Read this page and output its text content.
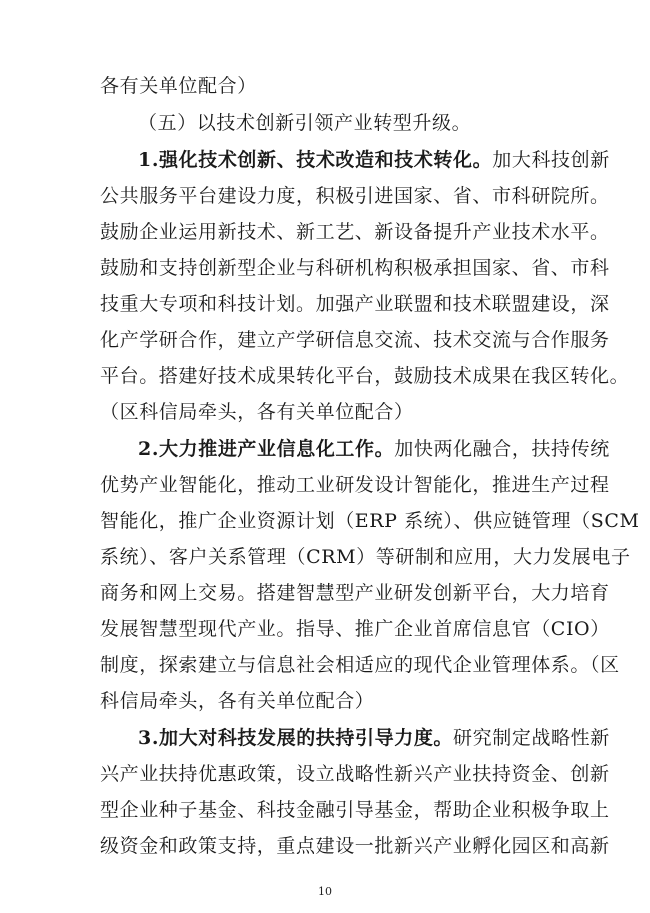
各有关单位配合）
（五）以技术创新引领产业转型升级。
1.强化技术创新、技术改造和技术转化。加大科技创新
公共服务平台建设力度，积极引进国家、省、市科研院所。
鼓励企业运用新技术、新工艺、新设备提升产业技术水平。
鼓励和支持创新型企业与科研机构积极承担国家、省、市科
技重大专项和科技计划。加强产业联盟和技术联盟建设，深
化产学研合作，建立产学研信息交流、技术交流与合作服务
平台。搭建好技术成果转化平台，鼓励技术成果在我区转化。
（区科信局牵头，各有关单位配合）
2.大力推进产业信息化工作。加快两化融合，扶持传统
优势产业智能化，推动工业研发设计智能化，推进生产过程
智能化，推广企业资源计划（ERP 系统）、供应链管理（SCM
系统）、客户关系管理（CRM）等研制和应用，大力发展电子
商务和网上交易。搭建智慧型产业研发创新平台，大力培育
发展智慧型现代产业。指导、推广企业首席信息官（CIO）
制度，探索建立与信息社会相适应的现代企业管理体系。（区
科信局牵头，各有关单位配合）
3.加大对科技发展的扶持引导力度。研究制定战略性新
兴产业扶持优惠政策，设立战略性新兴产业扶持资金、创新
型企业种子基金、科技金融引导基金，帮助企业积极争取上
级资金和政策支持，重点建设一批新兴产业孵化园区和高新
10
